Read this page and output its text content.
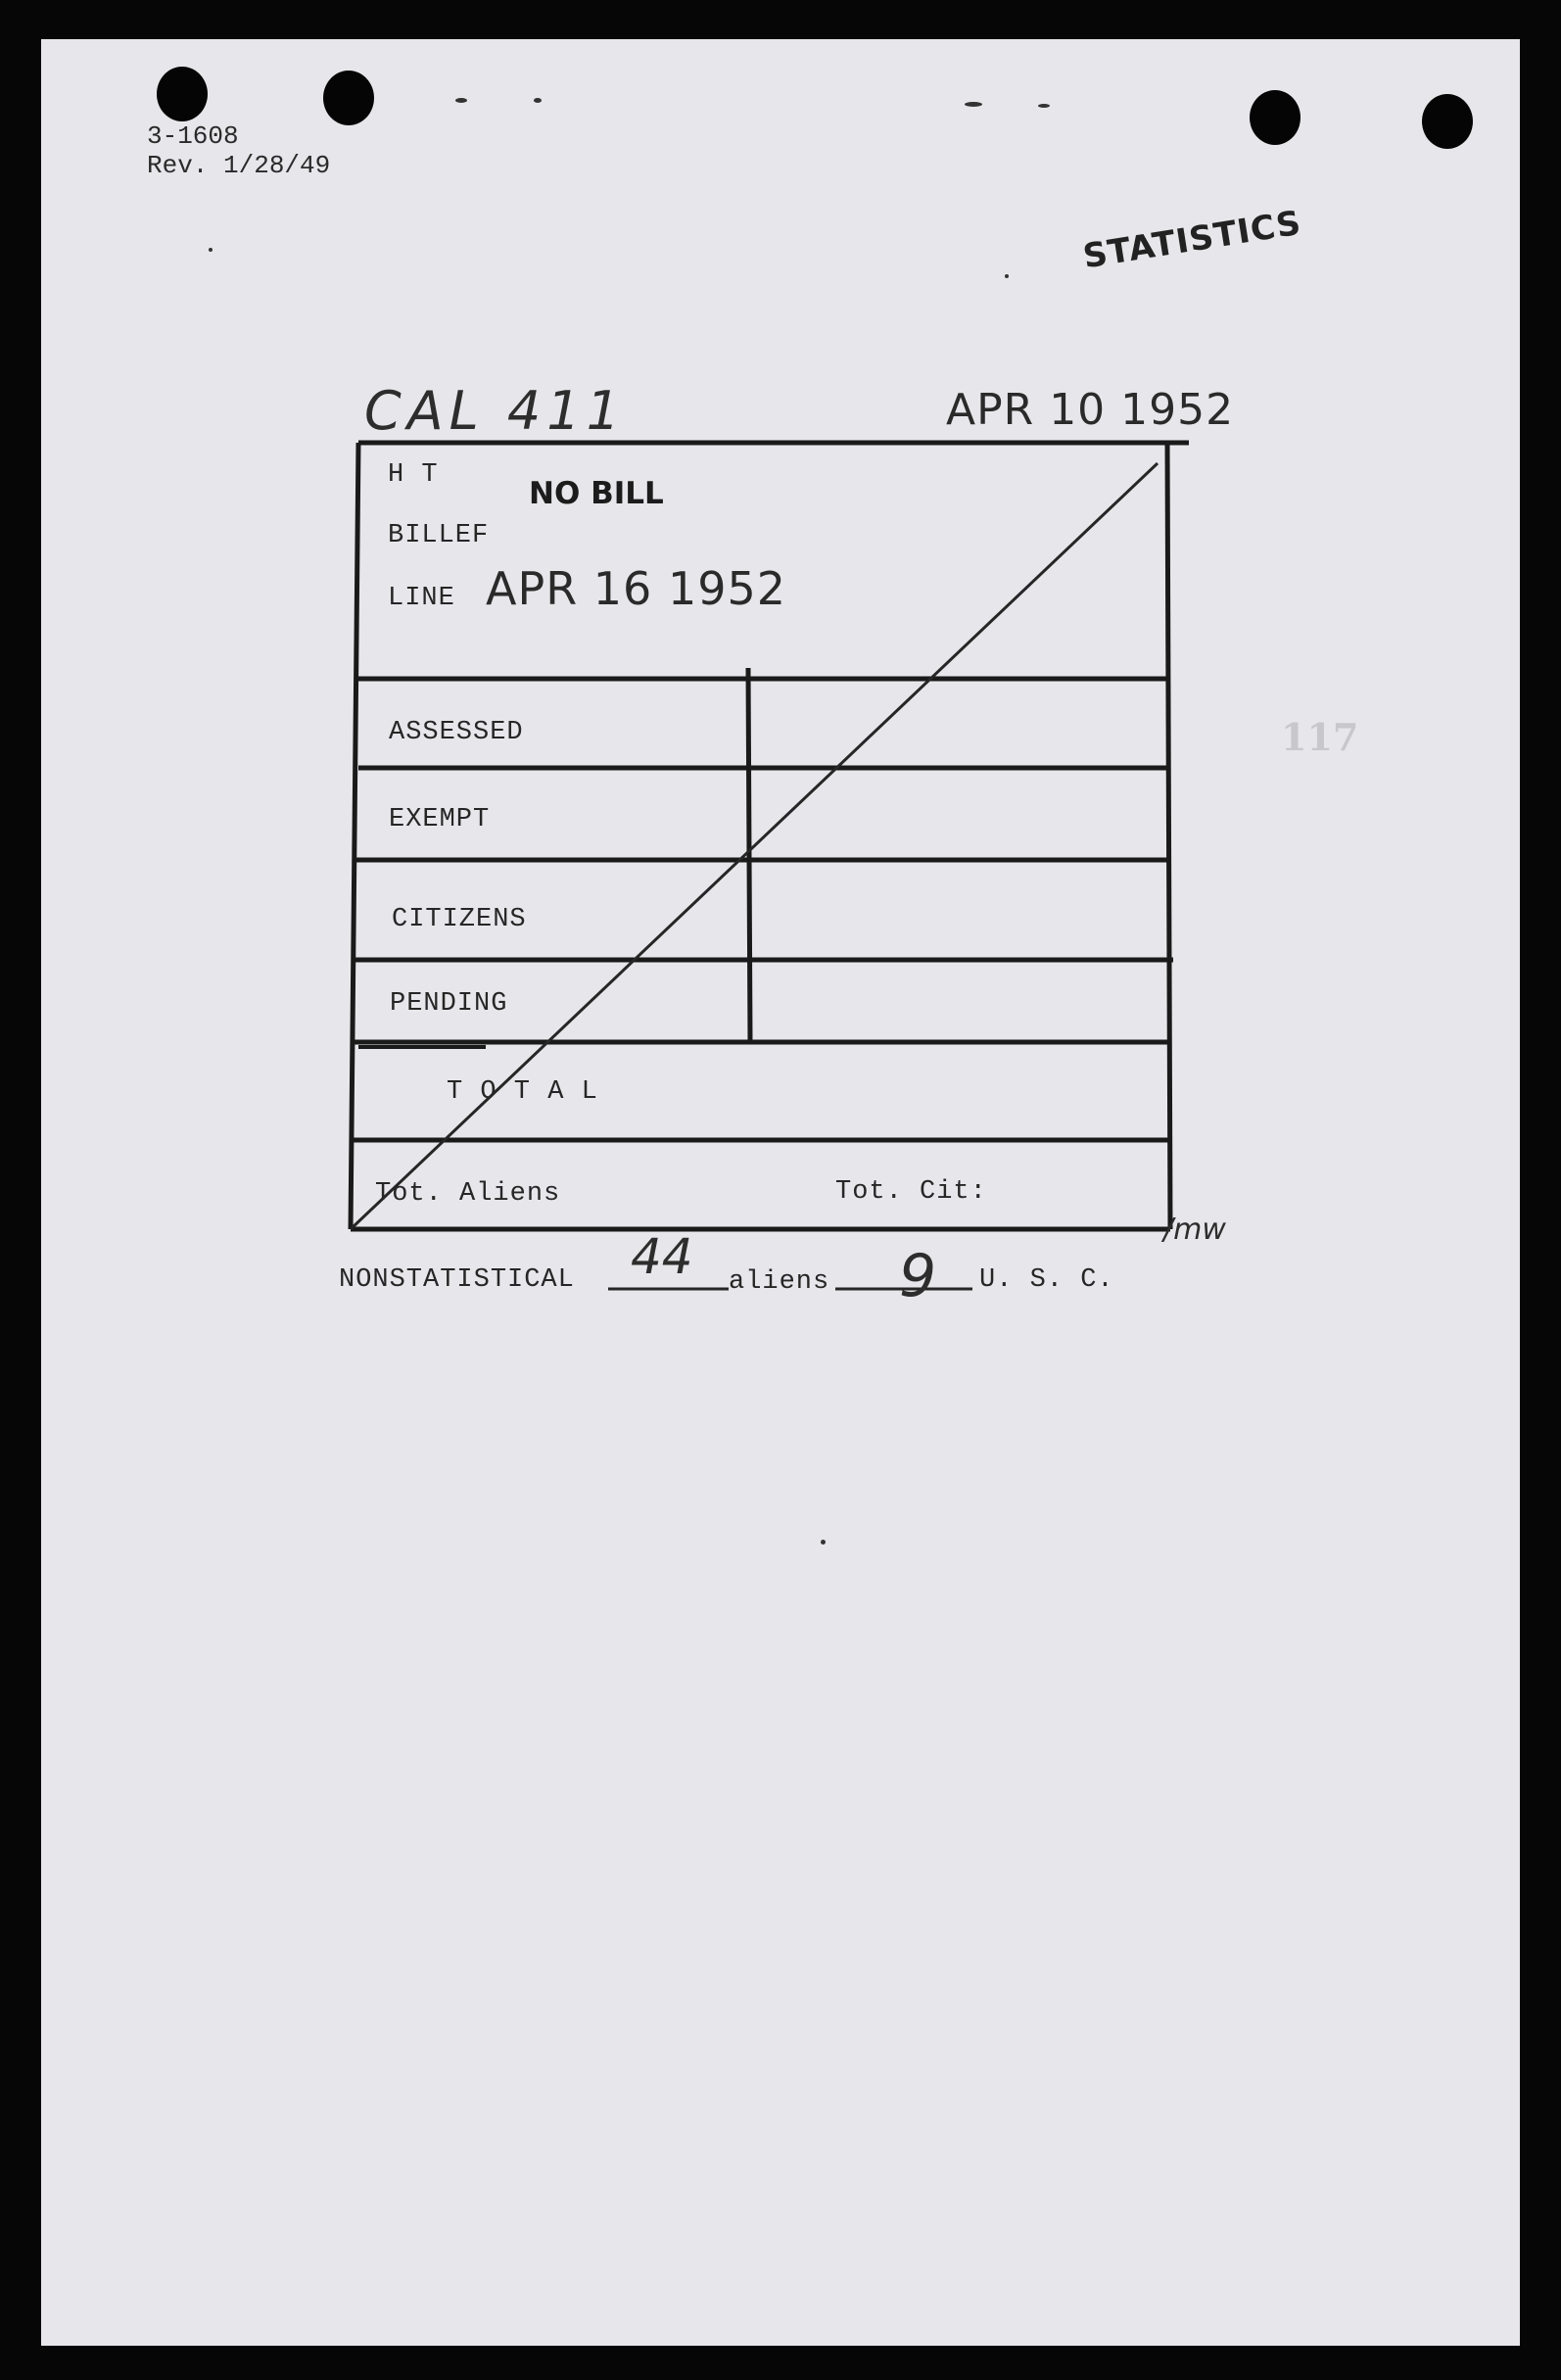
3-1608
Rev. 1/28/49
STATISTICS
CAL 411	APR 10 1952
117
H T
NO BILL
BILLEF
LINE APR 16 1952
ASSESSED
EXEMPT
CITIZENS
PENDING
T O T A L
Tot. Aliens	Tot. Cit:
/mw
NONSTATISTICAL 44 aliens 9 U. S. C.
